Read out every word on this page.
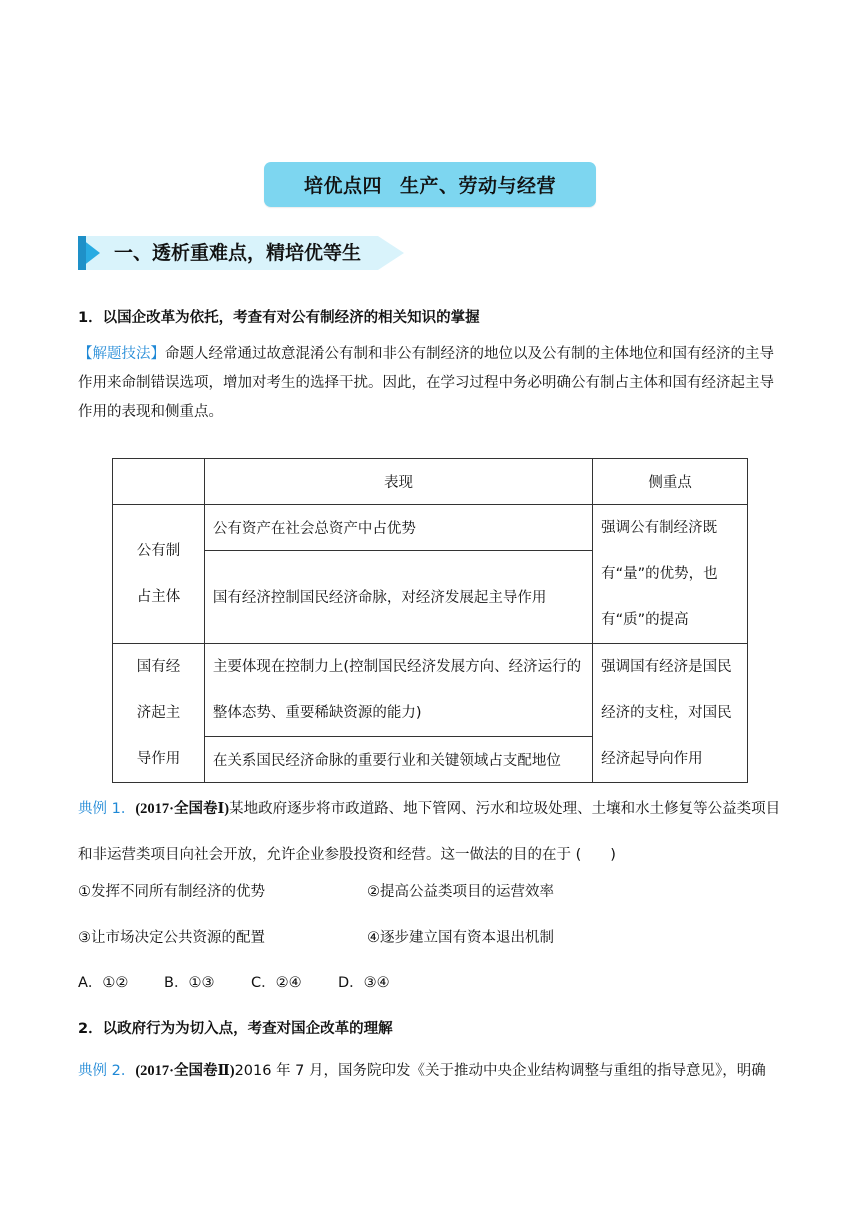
培优点四 生产、劳动与经营
一、透析重难点，精培优等生
1．以国企改革为依托，考查有对公有制经济的相关知识的掌握
【解题技法】命题人经常通过故意混淆公有制和非公有制经济的地位以及公有制的主体地位和国有经济的主导作用来命制错误选项，增加对考生的选择干扰。因此，在学习过程中务必明确公有制占主体和国有经济起主导作用的表现和侧重点。
	表现	侧重点
公有制占主体	公有资产在社会总资产中占优势	强调公有制经济既有“量”的优势，也有“质”的提高
	国有经济控制国民经济命脉，对经济发展起主导作用	
国有经济起主导作用	主要体现在控制力上(控制国民经济发展方向、经济运行的整体态势、重要稀缺资源的能力)	强调国有经济是国民经济的支柱，对国民经济起导向作用
	在关系国民经济命脉的重要行业和关键领域占支配地位	
典例 1．(2017·全国卷Ⅰ)某地政府逐步将市政道路、地下管网、污水和垃圾处理、土壤和水土修复等公益类项目和非运营类项目向社会开放，允许企业参股投资和经营。这一做法的目的在于 (　　)
①发挥不同所有制经济的优势	②提高公益类项目的运营效率
③让市场决定公共资源的配置	④逐步建立国有资本退出机制
A．①② B．①③	C．②④	D．③④
2．以政府行为为切入点，考查对国企改革的理解
典例 2．(2017·全国卷Ⅱ)2016 年 7 月，国务院印发《关于推动中央企业结构调整与重组的指导意见》，明确
